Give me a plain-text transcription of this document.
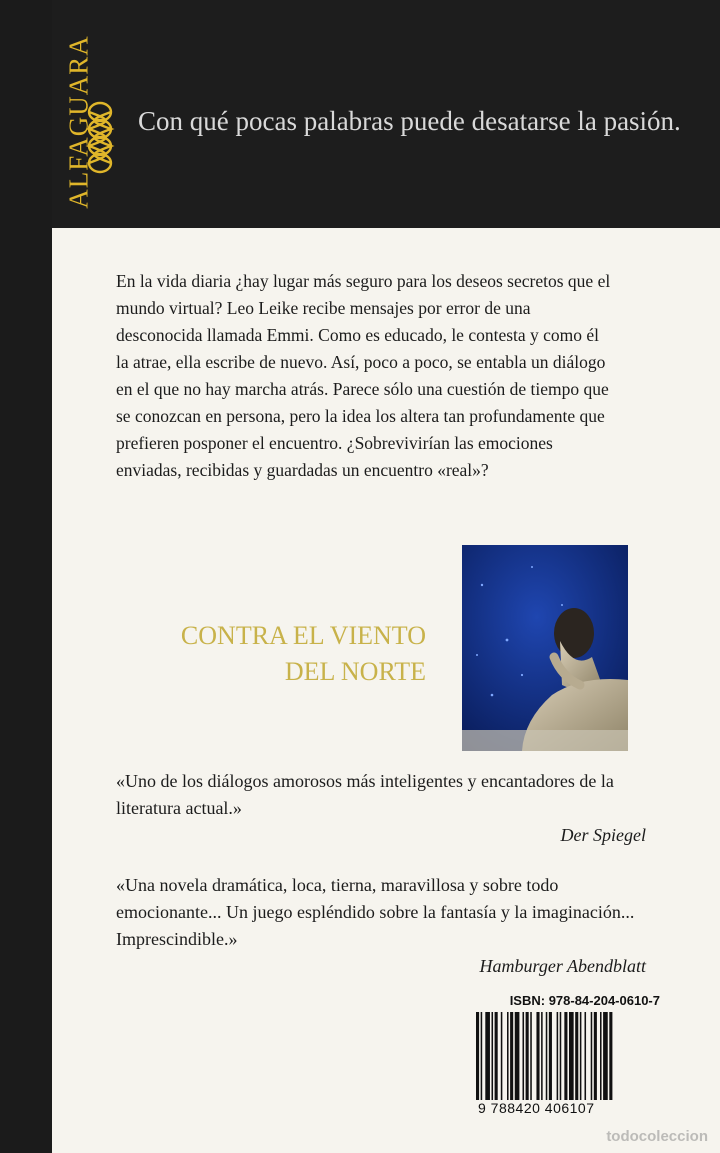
ALFAGUARA Con qué pocas palabras puede desatarse la pasión.
En la vida diaria ¿hay lugar más seguro para los deseos secretos que el mundo virtual? Leo Leike recibe mensajes por error de una desconocida llamada Emmi. Como es educado, le contesta y como él la atrae, ella escribe de nuevo. Así, poco a poco, se entabla un diálogo en el que no hay marcha atrás. Parece sólo una cuestión de tiempo que se conozcan en persona, pero la idea los altera tan profundamente que prefieren posponer el encuentro. ¿Sobrevivirían las emociones enviadas, recibidas y guardadas un encuentro «real»?
CONTRA EL VIENTO
DEL NORTE
«Uno de los diálogos amorosos más inteligentes y encantadores de la literatura actual.»
Der Spiegel
«Una novela dramática, loca, tierna, maravillosa y sobre todo emocionante... Un juego espléndido sobre la fantasía y la imaginación... Imprescindible.»
Hamburger Abendblatt
ISBN: 978-84-204-0610-7
9 788420 406107
todocoleccion
